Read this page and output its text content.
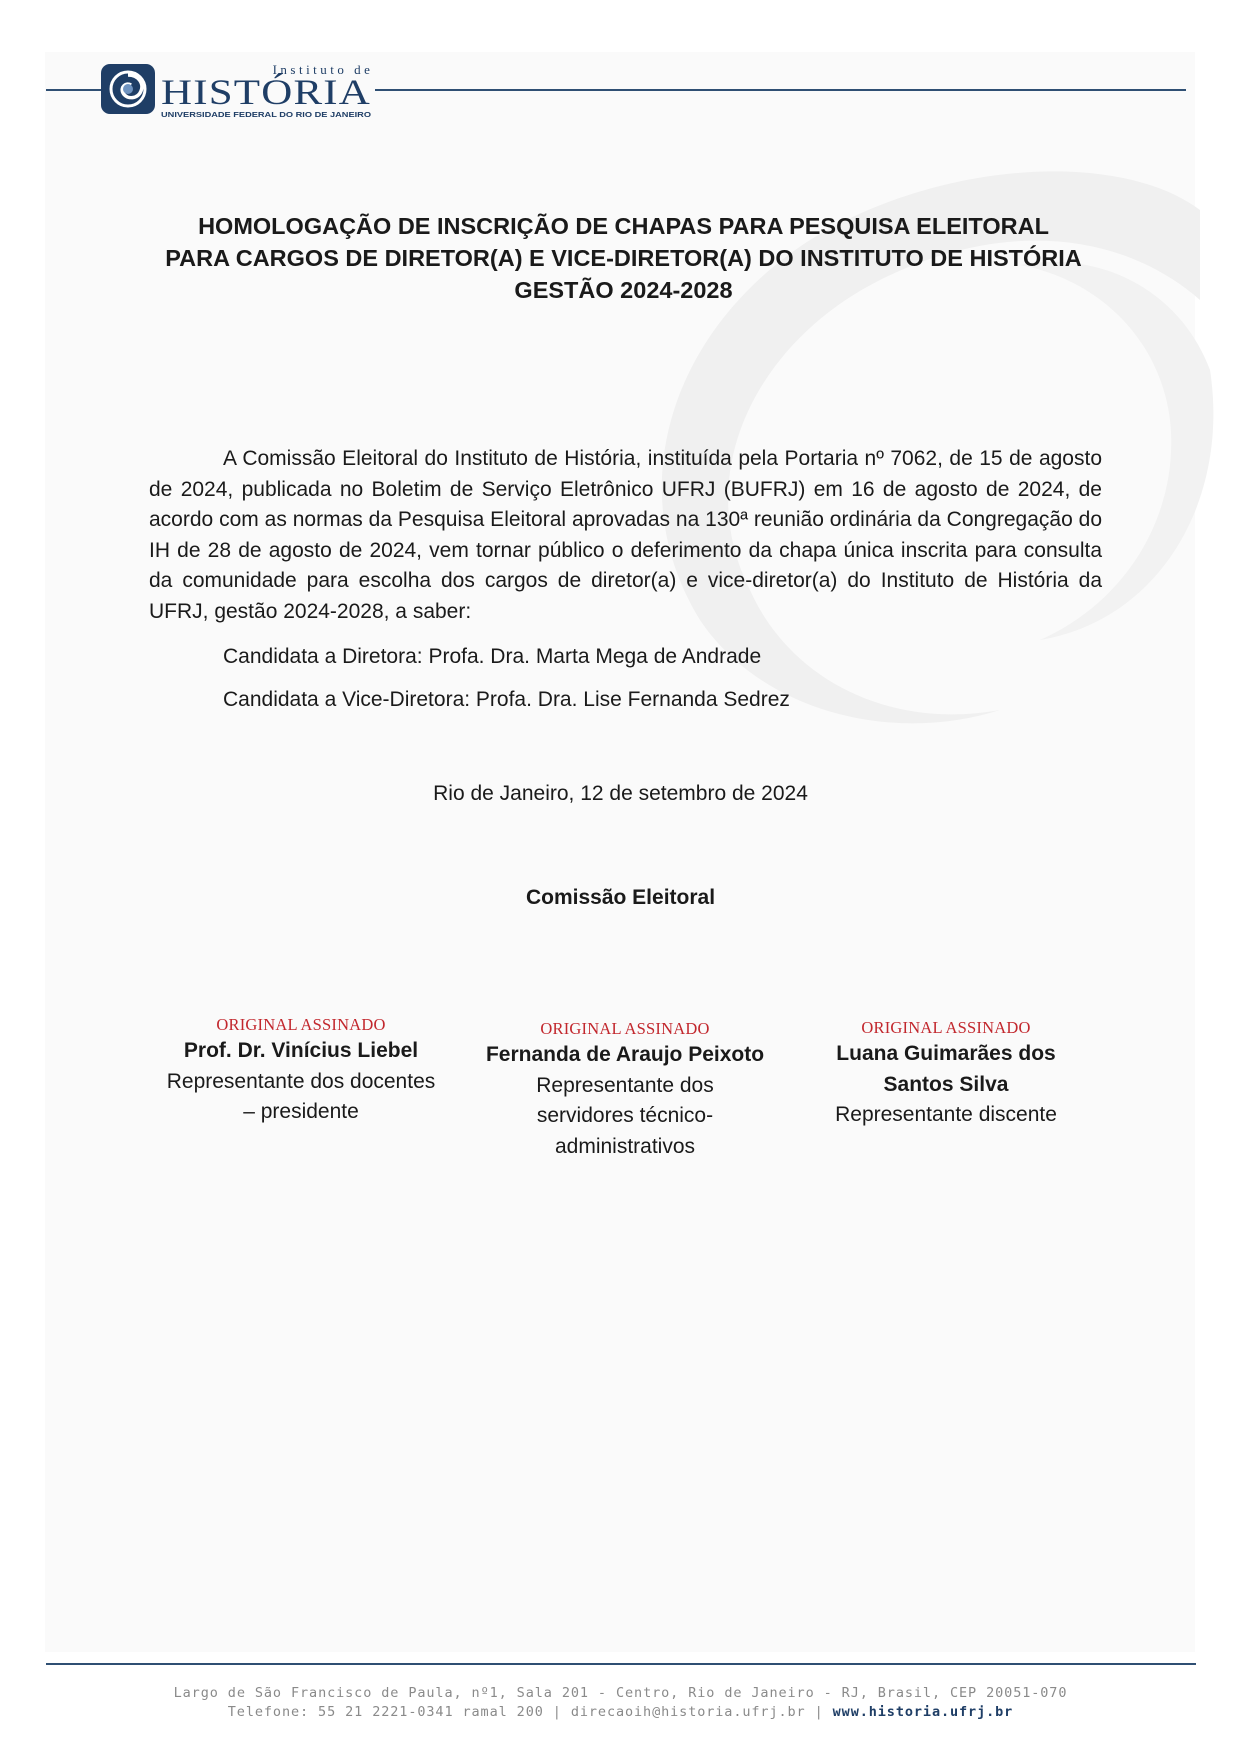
Instituto de
HISTÓRIA
UNIVERSIDADE FEDERAL DO RIO DE JANEIRO
HOMOLOGAÇÃO DE INSCRIÇÃO DE CHAPAS PARA PESQUISA ELEITORAL
PARA CARGOS DE DIRETOR(A) E VICE-DIRETOR(A) DO INSTITUTO DE HISTÓRIA
GESTÃO 2024-2028
A Comissão Eleitoral do Instituto de História, instituída pela Portaria nº 7062, de 15 de agosto de 2024, publicada no Boletim de Serviço Eletrônico UFRJ (BUFRJ) em 16 de agosto de 2024, de acordo com as normas da Pesquisa Eleitoral aprovadas na 130ª reunião ordinária da Congregação do IH de 28 de agosto de 2024, vem tornar público o deferimento da chapa única inscrita para consulta da comunidade para escolha dos cargos de diretor(a) e vice-diretor(a) do Instituto de História da UFRJ, gestão 2024-2028, a saber:
Candidata a Diretora: Profa. Dra. Marta Mega de Andrade
Candidata a Vice-Diretora: Profa. Dra. Lise Fernanda Sedrez
Rio de Janeiro, 12 de setembro de 2024
Comissão Eleitoral
ORIGINAL ASSINADO
Prof. Dr. Vinícius Liebel
Representante dos docentes
– presidente
ORIGINAL ASSINADO
Fernanda de Araujo Peixoto
Representante dos
servidores técnico-
administrativos
ORIGINAL ASSINADO
Luana Guimarães dos
Santos Silva
Representante discente
Largo de São Francisco de Paula, nº1, Sala 201 - Centro, Rio de Janeiro - RJ, Brasil, CEP 20051-070
Telefone: 55 21 2221-0341 ramal 200 | direcaoih@historia.ufrj.br | www.historia.ufrj.br
